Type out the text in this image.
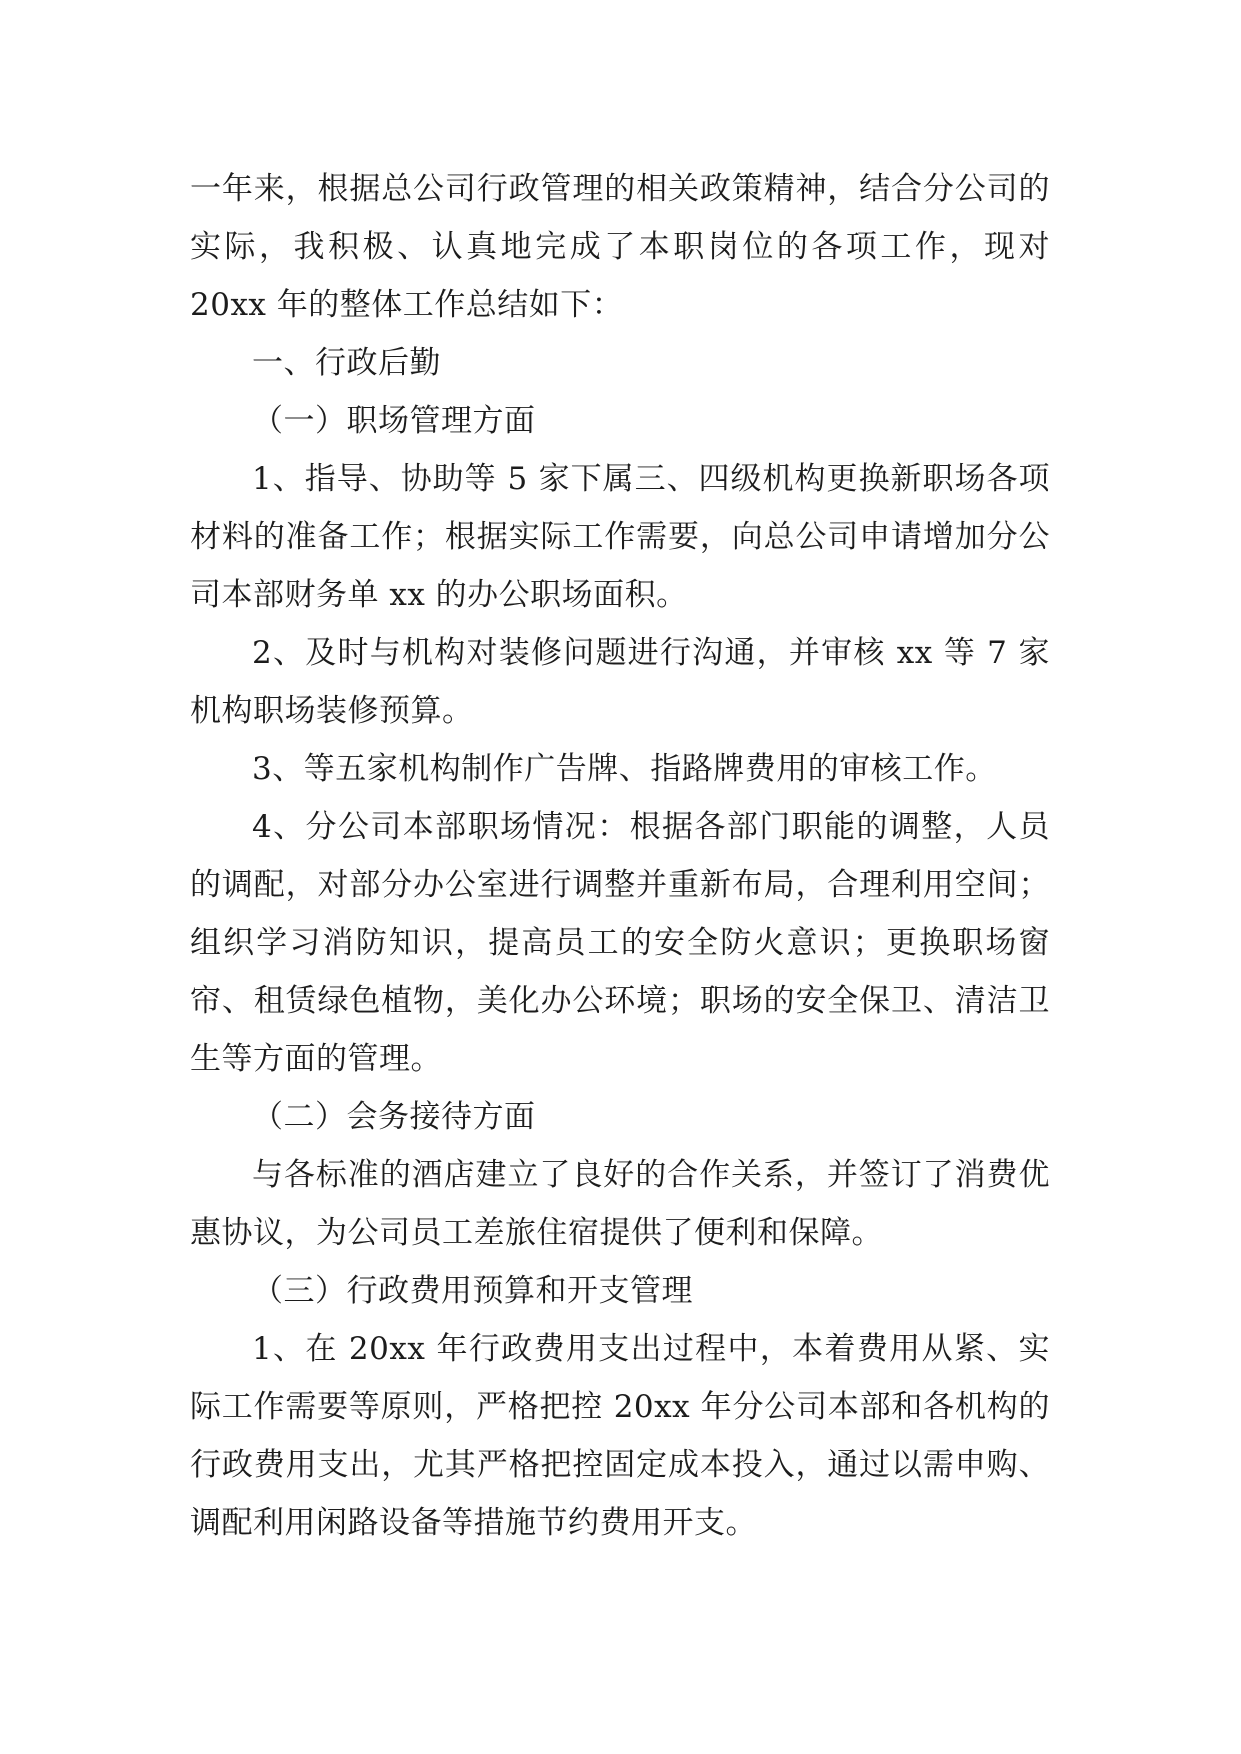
一年来，根据总公司行政管理的相关政策精神，结合分公司的实际，我积极、认真地完成了本职岗位的各项工作，现对20xx 年的整体工作总结如下：

一、行政后勤

（一）职场管理方面

1、指导、协助等 5 家下属三、四级机构更换新职场各项材料的准备工作；根据实际工作需要，向总公司申请增加分公司本部财务单 xx 的办公职场面积。

2、及时与机构对装修问题进行沟通，并审核 xx 等 7 家机构职场装修预算。

3、等五家机构制作广告牌、指路牌费用的审核工作。

4、分公司本部职场情况：根据各部门职能的调整，人员的调配，对部分办公室进行调整并重新布局，合理利用空间；组织学习消防知识，提高员工的安全防火意识；更换职场窗帘、租赁绿色植物，美化办公环境；职场的安全保卫、清洁卫生等方面的管理。

（二）会务接待方面

与各标准的酒店建立了良好的合作关系，并签订了消费优惠协议，为公司员工差旅住宿提供了便利和保障。

（三）行政费用预算和开支管理

1、在 20xx 年行政费用支出过程中，本着费用从紧、实际工作需要等原则，严格把控 20xx 年分公司本部和各机构的行政费用支出，尤其严格把控固定成本投入，通过以需申购、调配利用闲路设备等措施节约费用开支。
